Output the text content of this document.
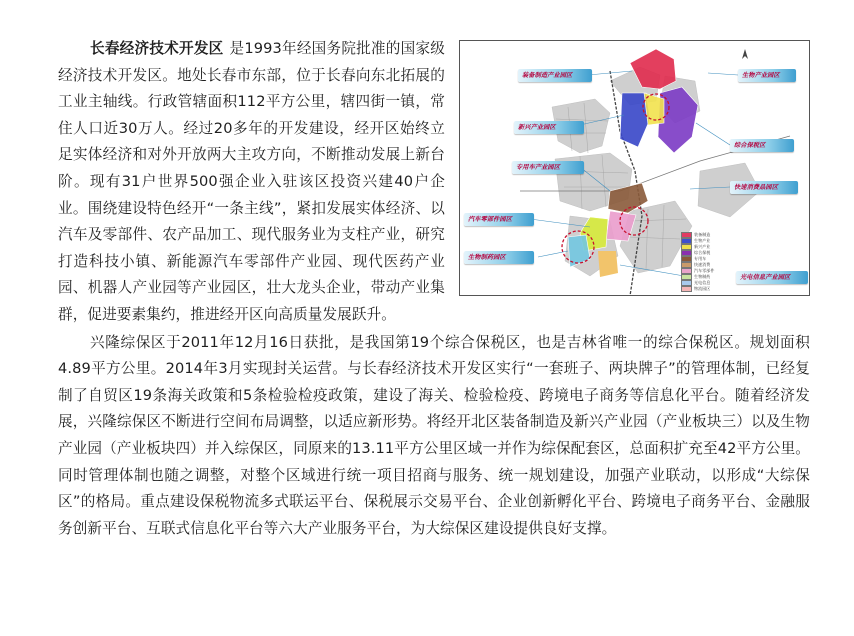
装备制造产业园区	生物产业园区
新兴产业园区
综合保税区
专用车产业园区
快速消费品园区
汽车零部件园区
生物制药园区
光电信息产业园区
装备制造
生物产业
新兴产业
综合保税
专用车
快速消费
汽车零部件
生物制药
光电信息
物流园区

长春经济技术开发区 是1993年经国务院批准的国家级经济技术开发区。地处长春市东部，位于长春向东北拓展的工业主轴线。行政管辖面积112平方公里，辖四街一镇，常住人口近30万人。经过20多年的开发建设，经开区始终立足实体经济和对外开放两大主攻方向，不断推动发展上新台阶。现有31户世界500强企业入驻该区投资兴建40户企业。围绕建设特色经开“一条主线”，紧扣发展实体经济、以汽车及零部件、农产品加工、现代服务业为支柱产业，研究打造科技小镇、新能源汽车零部件产业园、现代医药产业园、机器人产业园等产业园区，壮大龙头企业，带动产业集群，促进要素集约，推进经开区向高质量发展跃升。

兴隆综保区于2011年12月16日获批，是我国第19个综合保税区，也是吉林省唯一的综合保税区。规划面积4.89平方公里。2014年3月实现封关运营。与长春经济技术开发区实行“一套班子、两块牌子”的管理体制，已经复制了自贸区19条海关政策和5条检验检疫政策，建设了海关、检验检疫、跨境电子商务等信息化平台。随着经济发展，兴隆综保区不断进行空间布局调整，以适应新形势。将经开北区装备制造及新兴产业园（产业板块三）以及生物产业园（产业板块四）并入综保区，同原来的13.11平方公里区域一并作为综保配套区，总面积扩充至42平方公里。同时管理体制也随之调整，对整个区域进行统一项目招商与服务、统一规划建设，加强产业联动，以形成“大综保区”的格局。重点建设保税物流多式联运平台、保税展示交易平台、企业创新孵化平台、跨境电子商务平台、金融服务创新平台、互联式信息化平台等六大产业服务平台，为大综保区建设提供良好支撑。
